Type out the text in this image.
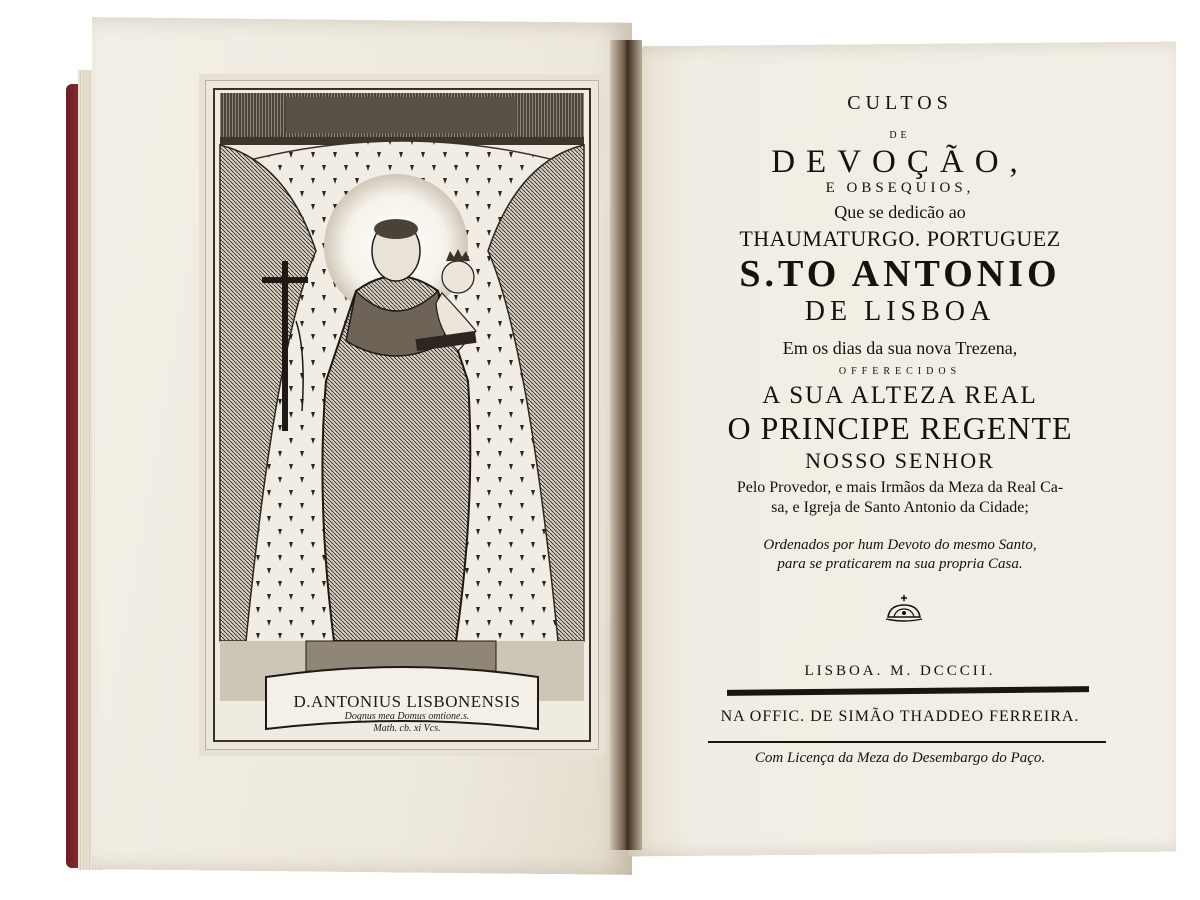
D.ANTONIUS LISBONENSIS
Dognus mea Domus omtione.s.
Math. cb. xi Vcs.
CULTOS
DE
DEVOÇÃO,
E OBSEQUIOS,
Que se dedicão ao
THAUMATURGO. PORTUGUEZ
S.TO ANTONIO
DE LISBOA
Em os dias da sua nova Trezena,
OFFERECIDOS
A SUA ALTEZA REAL
O PRINCIPE REGENTE
NOSSO SENHOR
Pelo Provedor, e mais Irmãos da Meza da Real Ca-
sa, e Igreja de Santo Antonio da Cidade;
Ordenados por hum Devoto do mesmo Santo,
para se praticarem na sua propria Casa.
LISBOA. M. DCCCII.
NA OFFIC. DE SIMÃO THADDEO FERREIRA.
Com Licença da Meza do Desembargo do Paço.
